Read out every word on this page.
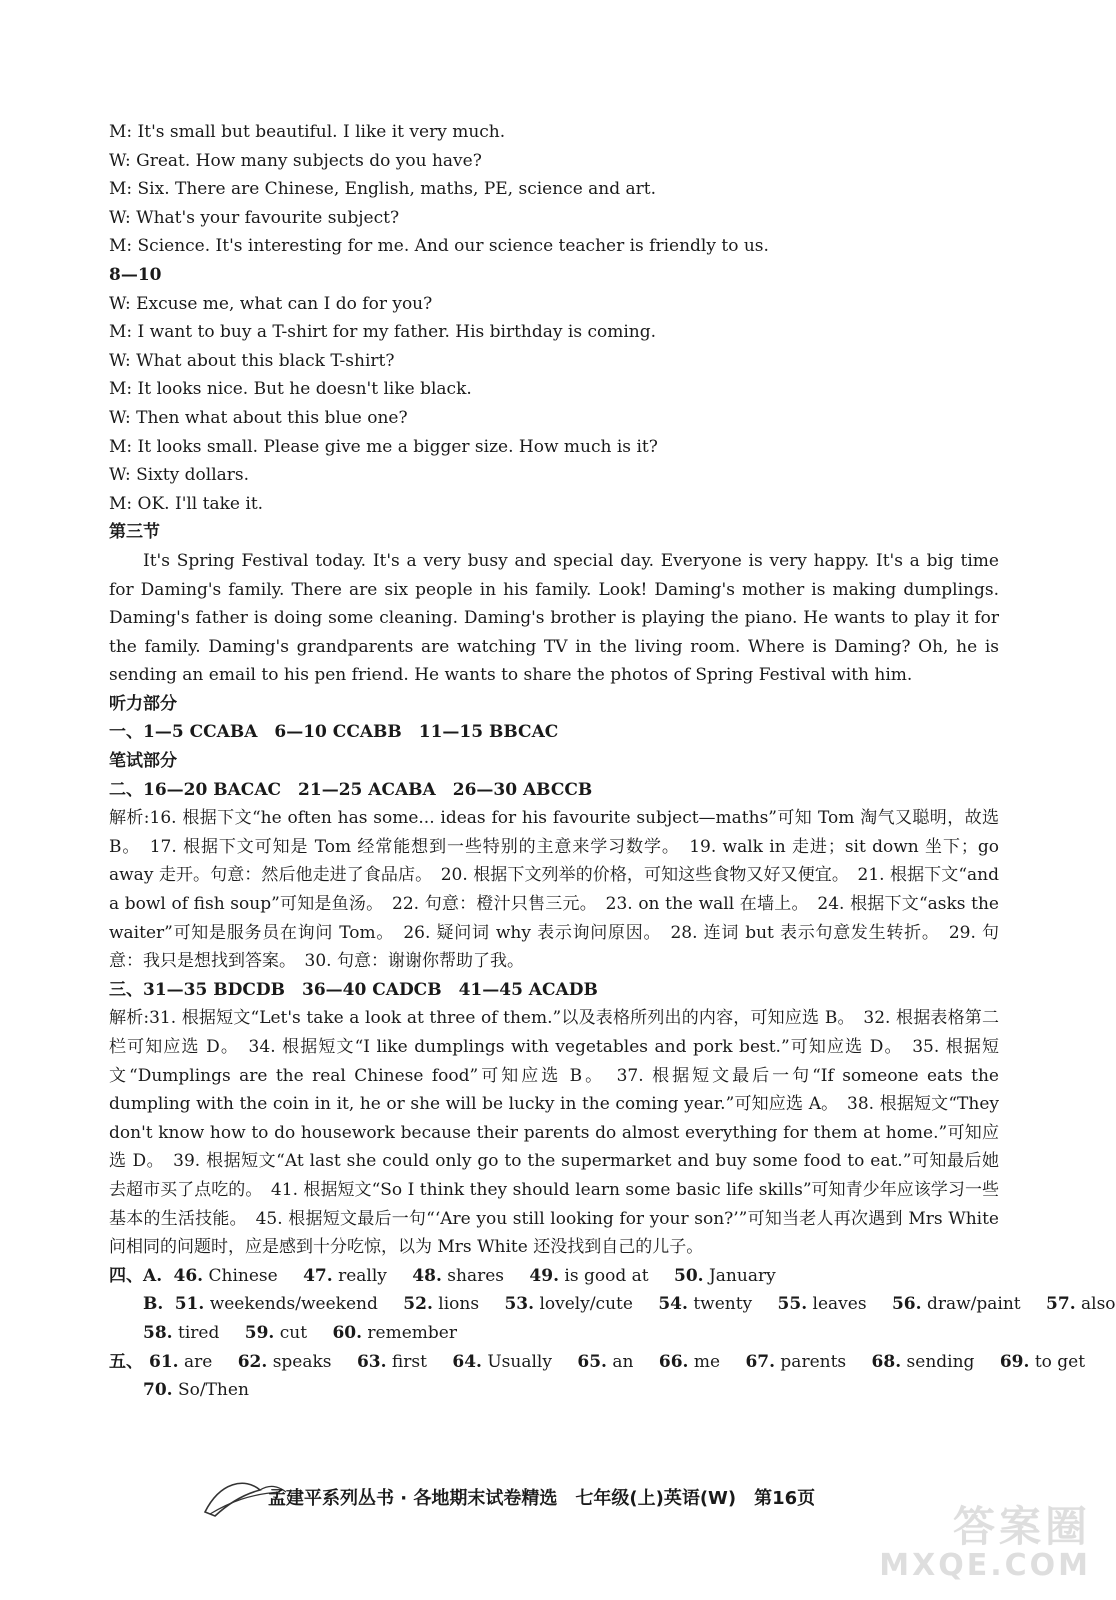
M: It's small but beautiful. I like it very much.
W: Great. How many subjects do you have?
M: Six. There are Chinese, English, maths, PE, science and art.
W: What's your favourite subject?
M: Science. It's interesting for me. And our science teacher is friendly to us.
8—10
W: Excuse me, what can I do for you?
M: I want to buy a T-shirt for my father. His birthday is coming.
W: What about this black T-shirt?
M: It looks nice. But he doesn't like black.
W: Then what about this blue one?
M: It looks small. Please give me a bigger size. How much is it?
W: Sixty dollars.
M: OK. I'll take it.
第三节
It's Spring Festival today. It's a very busy and special day. Everyone is very happy. It's a big time for Daming's family. There are six people in his family. Look! Daming's mother is making dumplings. Daming's father is doing some cleaning. Daming's brother is playing the piano. He wants to play it for the family. Daming's grandparents are watching TV in the living room. Where is Daming? Oh, he is sending an email to his pen friend. He wants to share the photos of Spring Festival with him.
听力部分
一、1—5 CCABA　6—10 CCABB　11—15 BBCAC
笔试部分
二、16—20 BACAC　21—25 ACABA　26—30 ABCCB
解析:16. 根据下文“he often has some... ideas for his favourite subject—maths”可知 Tom 淘气又聪明，故选 B。　17. 根据下文可知是 Tom 经常能想到一些特别的主意来学习数学。　19. walk in 走进；sit down 坐下；go away 走开。句意：然后他走进了食品店。　20. 根据下文列举的价格，可知这些食物又好又便宜。　21. 根据下文“and a bowl of fish soup”可知是鱼汤。　22. 句意：橙汁只售三元。　23. on the wall 在墙上。　24. 根据下文“asks the waiter”可知是服务员在询问 Tom。　26. 疑问词 why 表示询问原因。　28. 连词 but 表示句意发生转折。　29. 句意：我只是想找到答案。　30. 句意：谢谢你帮助了我。
三、31—35 BDCDB　36—40 CADCB　41—45 ACADB
解析:31. 根据短文“Let's take a look at three of them.”以及表格所列出的内容，可知应选 B。　32. 根据表格第二栏可知应选 D。　34. 根据短文“I like dumplings with vegetables and pork best.”可知应选 D。　35. 根据短文“Dumplings are the real Chinese food”可知应选 B。　37. 根据短文最后一句“If someone eats the dumpling with the coin in it, he or she will be lucky in the coming year.”可知应选 A。　38. 根据短文“They don't know how to do housework because their parents do almost everything for them at home.”可知应选 D。　39. 根据短文“At last she could only go to the supermarket and buy some food to eat.”可知最后她去超市买了点吃的。　41. 根据短文“So I think they should learn some basic life skills”可知青少年应该学习一些基本的生活技能。　45. 根据短文最后一句“‘Are you still looking for your son?’”可知当老人再次遇到 Mrs White 问相同的问题时，应是感到十分吃惊，以为 Mrs White 还没找到自己的儿子。
四、A. 46. Chinese 47. really 48. shares 49. is good at 50. January
B. 51. weekends/weekend 52. lions 53. lovely/cute 54. twenty 55. leaves 56. draw/paint 57. also
58. tired 59. cut 60. remember
五、 61. are 62. speaks 63. first 64. Usually 65. an 66. me 67. parents 68. sending 69. to get
70. So/Then
孟建平系列丛书 · 各地期末试卷精选　七年级(上)英语(W)　第16页
答案圈
MXQE.COM
